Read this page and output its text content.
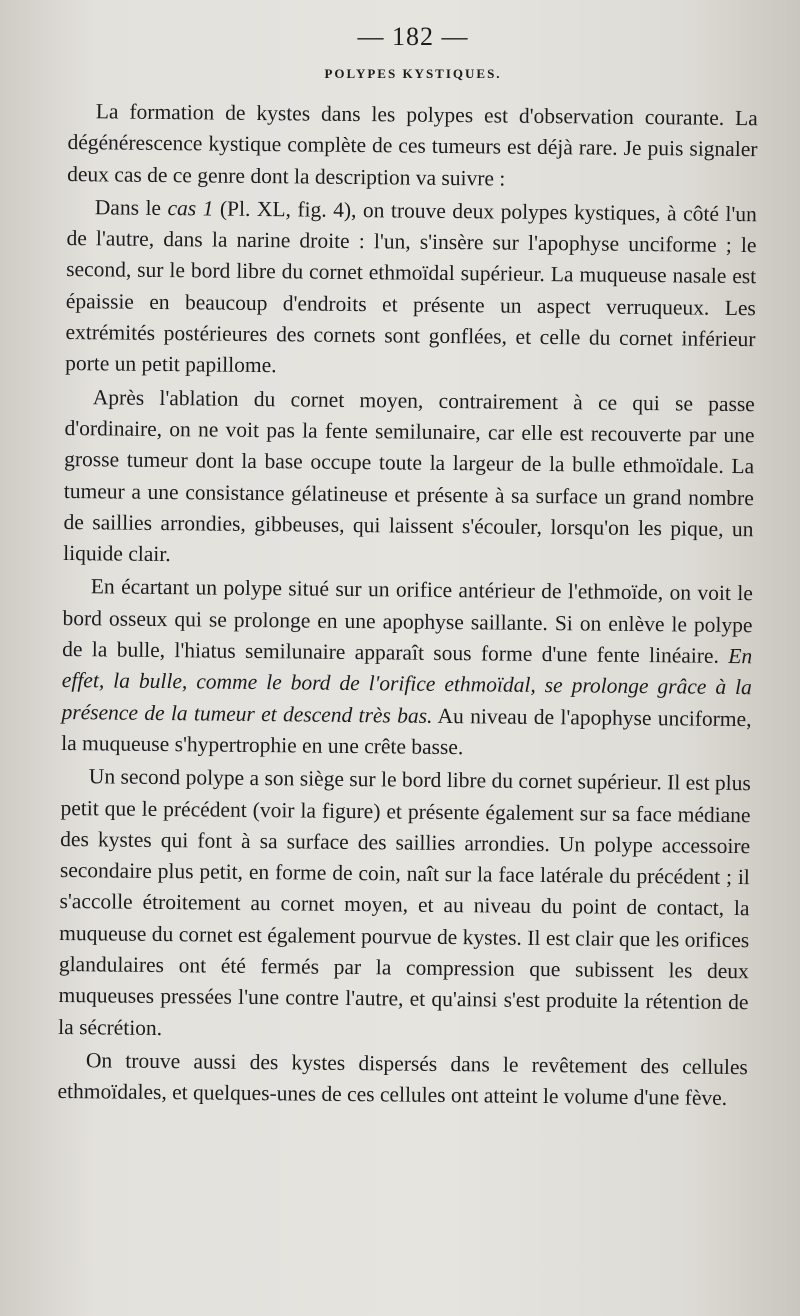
— 182 —
POLYPES KYSTIQUES.

La formation de kystes dans les polypes est d'observation courante. La dégénérescence kystique complète de ces tumeurs est déjà rare. Je puis signaler deux cas de ce genre dont la description va suivre :

Dans le cas 1 (Pl. XL, fig. 4), on trouve deux polypes kystiques, à côté l'un de l'autre, dans la narine droite : l'un, s'insère sur l'apophyse unciforme ; le second, sur le bord libre du cornet ethmoïdal supérieur. La muqueuse nasale est épaissie en beaucoup d'endroits et présente un aspect verruqueux. Les extrémités postérieures des cornets sont gonflées, et celle du cornet inférieur porte un petit papillome.

Après l'ablation du cornet moyen, contrairement à ce qui se passe d'ordinaire, on ne voit pas la fente semilunaire, car elle est recouverte par une grosse tumeur dont la base occupe toute la largeur de la bulle ethmoïdale. La tumeur a une consistance gélatineuse et présente à sa surface un grand nombre de saillies arrondies, gibbeuses, qui laissent s'écouler, lorsqu'on les pique, un liquide clair.

En écartant un polype situé sur un orifice antérieur de l'ethmoïde, on voit le bord osseux qui se prolonge en une apophyse saillante. Si on enlève le polype de la bulle, l'hiatus semilunaire apparaît sous forme d'une fente linéaire. En effet, la bulle, comme le bord de l'orifice ethmoïdal, se prolonge grâce à la présence de la tumeur et descend très bas. Au niveau de l'apophyse unciforme, la muqueuse s'hypertrophie en une crête basse.

Un second polype a son siège sur le bord libre du cornet supérieur. Il est plus petit que le précédent (voir la figure) et présente également sur sa face médiane des kystes qui font à sa surface des saillies arrondies. Un polype accessoire secondaire plus petit, en forme de coin, naît sur la face latérale du précédent ; il s'accolle étroitement au cornet moyen, et au niveau du point de contact, la muqueuse du cornet est également pourvue de kystes. Il est clair que les orifices glandulaires ont été fermés par la compression que subissent les deux muqueuses pressées l'une contre l'autre, et qu'ainsi s'est produite la rétention de la sécrétion.

On trouve aussi des kystes dispersés dans le revêtement des cellules ethmoïdales, et quelques-unes de ces cellules ont atteint le volume d'une fève.
